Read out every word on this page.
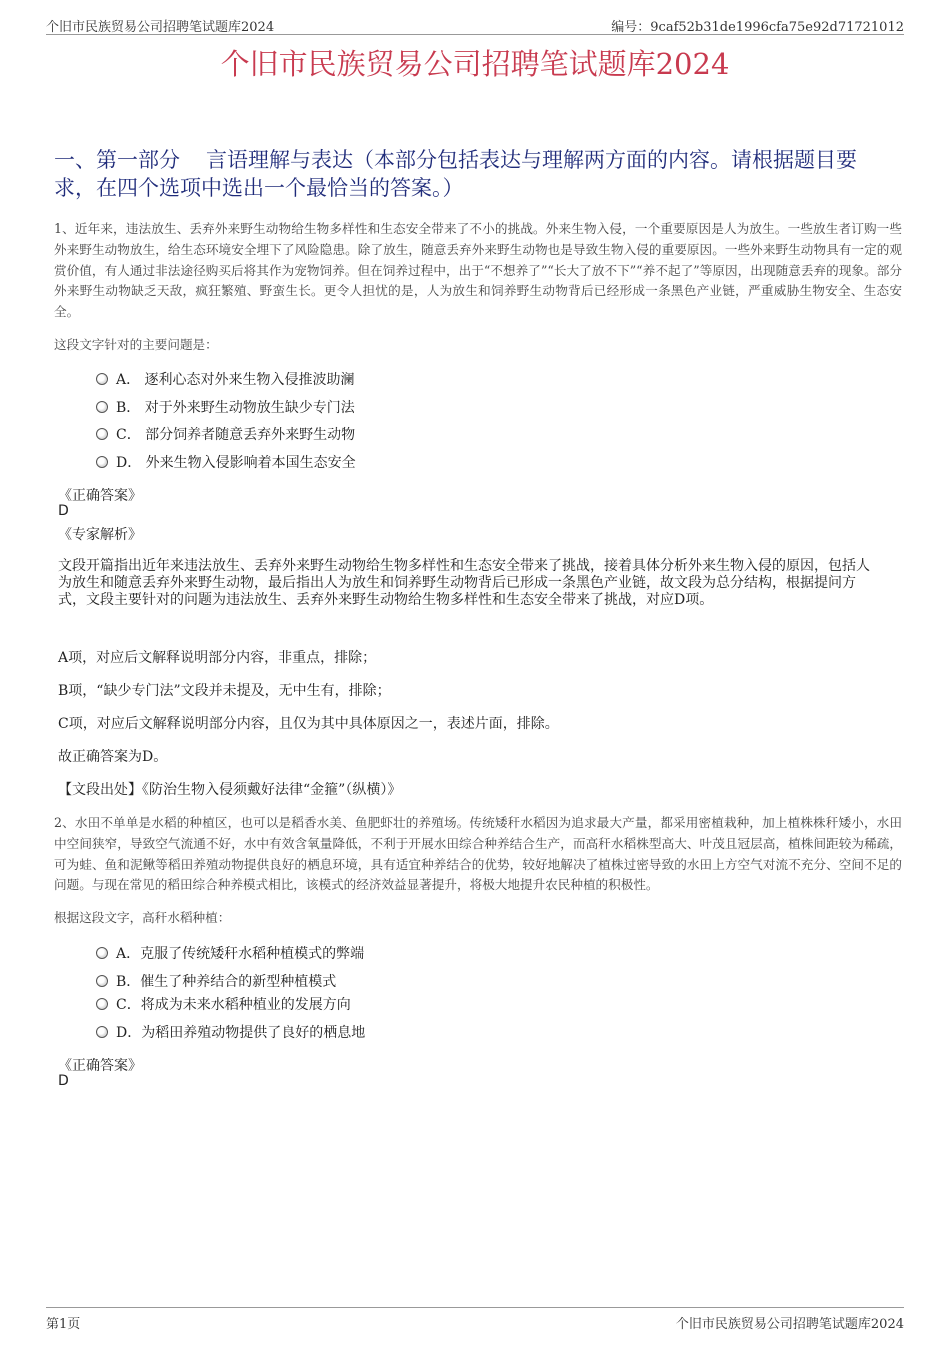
个旧市民族贸易公司招聘笔试题库2024	编号：9caf52b31de1996cfa75e92d71721012
个旧市民族贸易公司招聘笔试题库2024
一、第一部分 言语理解与表达（本部分包括表达与理解两方面的内容。请根据题目要求，在四个选项中选出一个最恰当的答案。）
1、近年来，违法放生、丢弃外来野生动物给生物多样性和生态安全带来了不小的挑战。外来生物入侵，一个重要原因是人为放生。一些放生者订购一些外来野生动物放生，给生态环境安全埋下了风险隐患。除了放生，随意丢弃外来野生动物也是导致生物入侵的重要原因。一些外来野生动物具有一定的观赏价值，有人通过非法途径购买后将其作为宠物饲养。但在饲养过程中，出于“不想养了”“长大了放不下”“养不起了”等原因，出现随意丢弃的现象。部分外来野生动物缺乏天敌，疯狂繁殖、野蛮生长。更令人担忧的是，人为放生和饲养野生动物背后已经形成一条黑色产业链，严重威胁生物安全、生态安全。
这段文字针对的主要问题是：
A． 逐利心态对外来生物入侵推波助澜
B． 对于外来野生动物放生缺少专门法
C． 部分饲养者随意丢弃外来野生动物
D． 外来生物入侵影响着本国生态安全
《正确答案》
D
《专家解析》
文段开篇指出近年来违法放生、丢弃外来野生动物给生物多样性和生态安全带来了挑战，接着具体分析外来生物入侵的原因，包括人为放生和随意丢弃外来野生动物，最后指出人为放生和饲养野生动物背后已形成一条黑色产业链，故文段为总分结构，根据提问方式，文段主要针对的问题为违法放生、丢弃外来野生动物给生物多样性和生态安全带来了挑战，对应D项。
A项，对应后文解释说明部分内容，非重点，排除；
B项，“缺少专门法”文段并未提及，无中生有，排除；
C项，对应后文解释说明部分内容，且仅为其中具体原因之一，表述片面，排除。
故正确答案为D。
【文段出处】《防治生物入侵须戴好法律“金箍”（纵横）》
2、水田不单单是水稻的种植区，也可以是稻香水美、鱼肥虾壮的养殖场。传统矮秆水稻因为追求最大产量，都采用密植栽种，加上植株株秆矮小，水田中空间狭窄，导致空气流通不好，水中有效含氧量降低，不利于开展水田综合种养结合生产，而高秆水稻株型高大、叶茂且冠层高，植株间距较为稀疏，可为蛙、鱼和泥鳅等稻田养殖动物提供良好的栖息环境，具有适宜种养结合的优势，较好地解决了植株过密导致的水田上方空气对流不充分、空间不足的问题。与现在常见的稻田综合种养模式相比，该模式的经济效益显著提升，将极大地提升农民种植的积极性。
根据这段文字，高秆水稻种植：
A．克服了传统矮秆水稻种植模式的弊端
B．催生了种养结合的新型种植模式
C．将成为未来水稻种植业的发展方向
D．为稻田养殖动物提供了良好的栖息地
《正确答案》
D
第1页	个旧市民族贸易公司招聘笔试题库2024
